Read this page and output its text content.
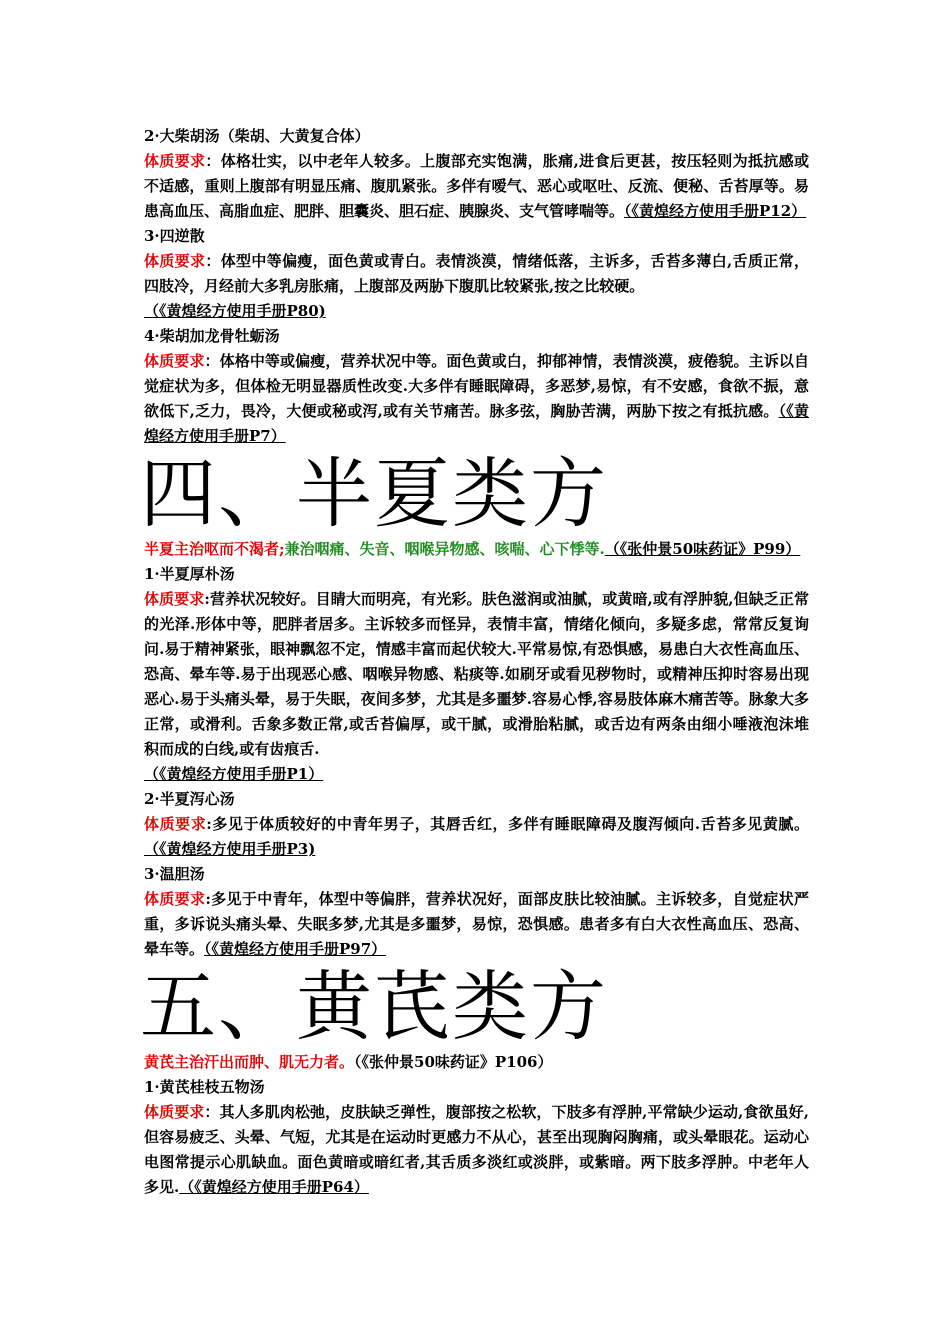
2·大柴胡汤（柴胡、大黄复合体）

体质要求：体格壮实，以中老年人较多。上腹部充实饱满，胀痛,进食后更甚，按压轻则为抵抗感或不适感，重则上腹部有明显压痛、腹肌紧张。多伴有嗳气、恶心或呕吐、反流、便秘、舌苔厚等。易患高血压、高脂血症、肥胖、胆囊炎、胆石症、胰腺炎、支气管哮喘等。（《黄煌经方使用手册P12）

3·四逆散

体质要求：体型中等偏瘦，面色黄或青白。表情淡漠，情绪低落，主诉多，舌苔多薄白,舌质正常，四肢冷，月经前大多乳房胀痛，上腹部及两胁下腹肌比较紧张,按之比较硬。

（《黄煌经方使用手册P80)

4·柴胡加龙骨牡蛎汤

体质要求：体格中等或偏瘦，营养状况中等。面色黄或白，抑郁神情，表情淡漠，疲倦貌。主诉以自觉症状为多，但体检无明显器质性改变.大多伴有睡眠障碍，多恶梦,易惊，有不安感，食欲不振，意欲低下,乏力，畏冷，大便或秘或泻,或有关节痛苦。脉多弦，胸胁苦满，两胁下按之有抵抗感。（《黄煌经方使用手册P7）

四、半夏类方

半夏主治呕而不渴者;兼治咽痛、失音、咽喉异物感、咳喘、心下悸等.（《张仲景50味药证》P99）

1·半夏厚朴汤

体质要求:营养状况较好。目睛大而明亮，有光彩。肤色滋润或油腻，或黄暗,或有浮肿貌,但缺乏正常的光泽.形体中等，肥胖者居多。主诉较多而怪异，表情丰富，情绪化倾向，多疑多虑，常常反复询问.易于精神紧张，眼神飘忽不定，情感丰富而起伏较大.平常易惊,有恐惧感，易患白大衣性高血压、恐高、晕车等.易于出现恶心感、咽喉异物感、粘痰等.如刷牙或看见秽物时，或精神压抑时容易出现恶心.易于头痛头晕，易于失眠，夜间多梦，尤其是多噩梦.容易心悸,容易肢体麻木痛苦等。脉象大多正常，或滑利。舌象多数正常,或舌苔偏厚，或干腻，或滑胎粘腻，或舌边有两条由细小唾液泡沫堆积而成的白线,或有齿痕舌.

（《黄煌经方使用手册P1）

2·半夏泻心汤

体质要求:多见于体质较好的中青年男子，其唇舌红，多伴有睡眠障碍及腹泻倾向.舌苔多见黄腻。（《黄煌经方使用手册P3)

3·温胆汤

体质要求:多见于中青年，体型中等偏胖，营养状况好，面部皮肤比较油腻。主诉较多，自觉症状严重，多诉说头痛头晕、失眠多梦,尤其是多噩梦，易惊，恐惧感。患者多有白大衣性高血压、恐高、晕车等。（《黄煌经方使用手册P97）

五、黄芪类方

黄芪主治汗出而肿、肌无力者。（《张仲景50味药证》P106）

1·黄芪桂枝五物汤

体质要求：其人多肌肉松弛，皮肤缺乏弹性，腹部按之松软，下肢多有浮肿,平常缺少运动,食欲虽好,但容易疲乏、头晕、气短，尤其是在运动时更感力不从心，甚至出现胸闷胸痛，或头晕眼花。运动心电图常提示心肌缺血。面色黄暗或暗红者,其舌质多淡红或淡胖，或紫暗。两下肢多浮肿。中老年人多见.（《黄煌经方使用手册P64）
